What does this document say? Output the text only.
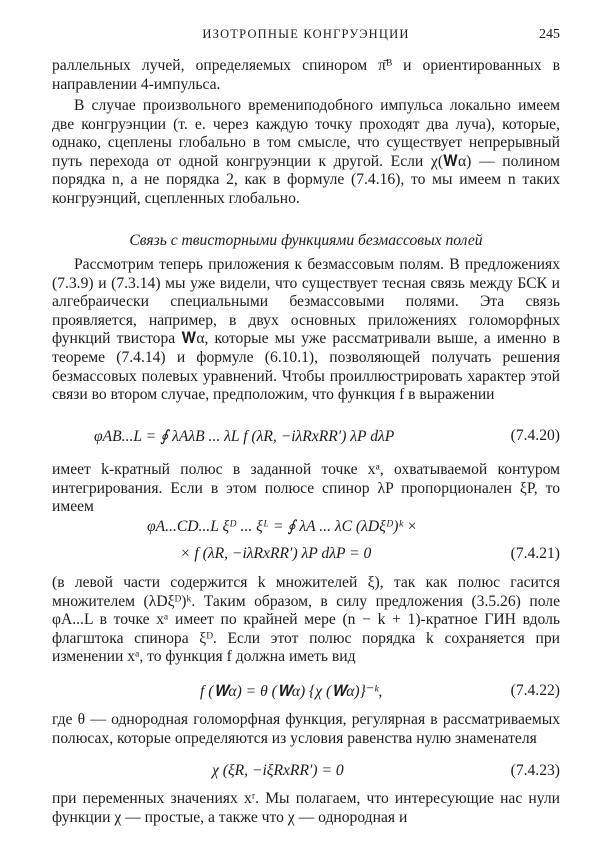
ИЗОТРОПНЫЕ КОНГРУЭНЦИИ	245

раллельных лучей, определяемых спинором π̄ᴮ и ориентированных в направлении 4-импульса.

В случае произвольного времениподобного импульса локально имеем две конгруэнции (т. е. через каждую точку проходят два луча), которые, однако, сцеплены глобально в том смысле, что существует непрерывный путь перехода от одной конгруэнции к другой. Если χ(𝐖α) — полином порядка n, а не порядка 2, как в формуле (7.4.16), то мы имеем n таких конгруэнций, сцепленных глобально.

Связь с твисторными функциями безмассовых полей

Рассмотрим теперь приложения к безмассовым полям. В предложениях (7.3.9) и (7.3.14) мы уже видели, что существует тесная связь между БСК и алгебраически специальными безмассовыми полями. Эта связь проявляется, например, в двух основных приложениях голоморфных функций твистора 𝐖α, которые мы уже рассматривали выше, а именно в теореме (7.4.14) и формуле (6.10.1), позволяющей получать решения безмассовых полевых уравнений. Чтобы проиллюстрировать характер этой связи во втором случае, предположим, что функция f в выражении

φAB...L = ∮ λAλB ... λL f (λR, −iλRxRR′) λP dλP	(7.4.20)

имеет k-кратный полюс в заданной точке xᵃ, охватываемой контуром интегрирования. Если в этом полюсе спинор λP пропорционален ξP, то имеем

φA...CD...L ξᴰ ... ξᴸ = ∮ λA ... λC (λDξᴰ)ᵏ ×
× f (λR, −iλRxRR′) λP dλP = 0	(7.4.21)

(в левой части содержится k множителей ξ), так как полюс гасится множителем (λDξᴰ)ᵏ. Таким образом, в силу предложения (3.5.26) поле φA...L в точке xᵃ имеет по крайней мере (n − k + 1)-кратное ГИН вдоль флагштока спинора ξᴰ. Если этот полюс порядка k сохраняется при изменении xᵃ, то функция f должна иметь вид

f (𝐖α) = θ (𝐖α) {χ (𝐖α)}⁻ᵏ,	(7.4.22)

где θ — однородная голоморфная функция, регулярная в рассматриваемых полюсах, которые определяются из условия равенства нулю знаменателя

χ (ξR, −iξRxRR′) = 0	(7.4.23)

при переменных значениях xʳ. Мы полагаем, что интересующие нас нули функции χ — простые, а также что χ — однородная и
